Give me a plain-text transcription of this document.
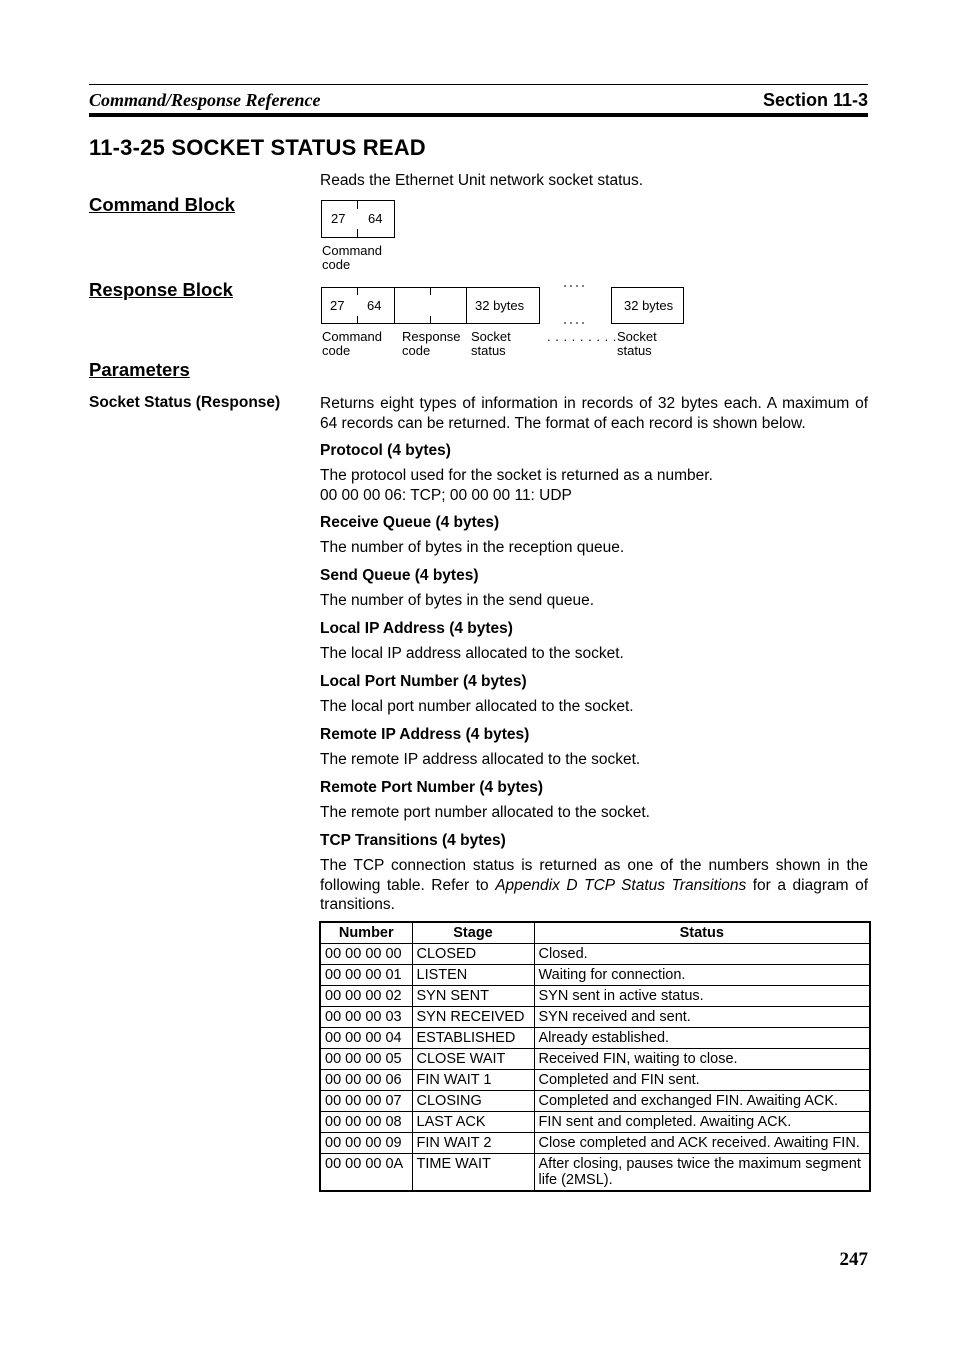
Command/Response Reference	Section 11-3
11-3-25 SOCKET STATUS READ
Reads the Ethernet Unit network socket status.
Command Block
27 64
Command code
Response Block
27 64	32 bytes	32 bytes
Command
code
Response
code
Socket
status
. . . . . . . . . Socket
status
Parameters
Socket Status (Response)	Returns eight types of information in records of 32 bytes each. A maximum of 64 records can be returned. The format of each record is shown below.
Protocol (4 bytes)
The protocol used for the socket is returned as a number.
00 00 00 06: TCP; 00 00 00 11: UDP
Receive Queue (4 bytes)
The number of bytes in the reception queue.
Send Queue (4 bytes)
The number of bytes in the send queue.
Local IP Address (4 bytes)
The local IP address allocated to the socket.
Local Port Number (4 bytes)
The local port number allocated to the socket.
Remote IP Address (4 bytes)
The remote IP address allocated to the socket.
Remote Port Number (4 bytes)
The remote port number allocated to the socket.
TCP Transitions (4 bytes)
The TCP connection status is returned as one of the numbers shown in the following table. Refer to Appendix D TCP Status Transitions for a diagram of transitions.
Number	Stage	Status
00 00 00 00	CLOSED	Closed.
00 00 00 01	LISTEN	Waiting for connection.
00 00 00 02	SYN SENT	SYN sent in active status.
00 00 00 03	SYN RECEIVED	SYN received and sent.
00 00 00 04	ESTABLISHED	Already established.
00 00 00 05	CLOSE WAIT	Received FIN, waiting to close.
00 00 00 06	FIN WAIT 1	Completed and FIN sent.
00 00 00 07	CLOSING	Completed and exchanged FIN. Awaiting ACK.
00 00 00 08	LAST ACK	FIN sent and completed. Awaiting ACK.
00 00 00 09	FIN WAIT 2	Close completed and ACK received. Awaiting FIN.
00 00 00 0A	TIME WAIT	After closing, pauses twice the maximum segment life (2MSL).
247
